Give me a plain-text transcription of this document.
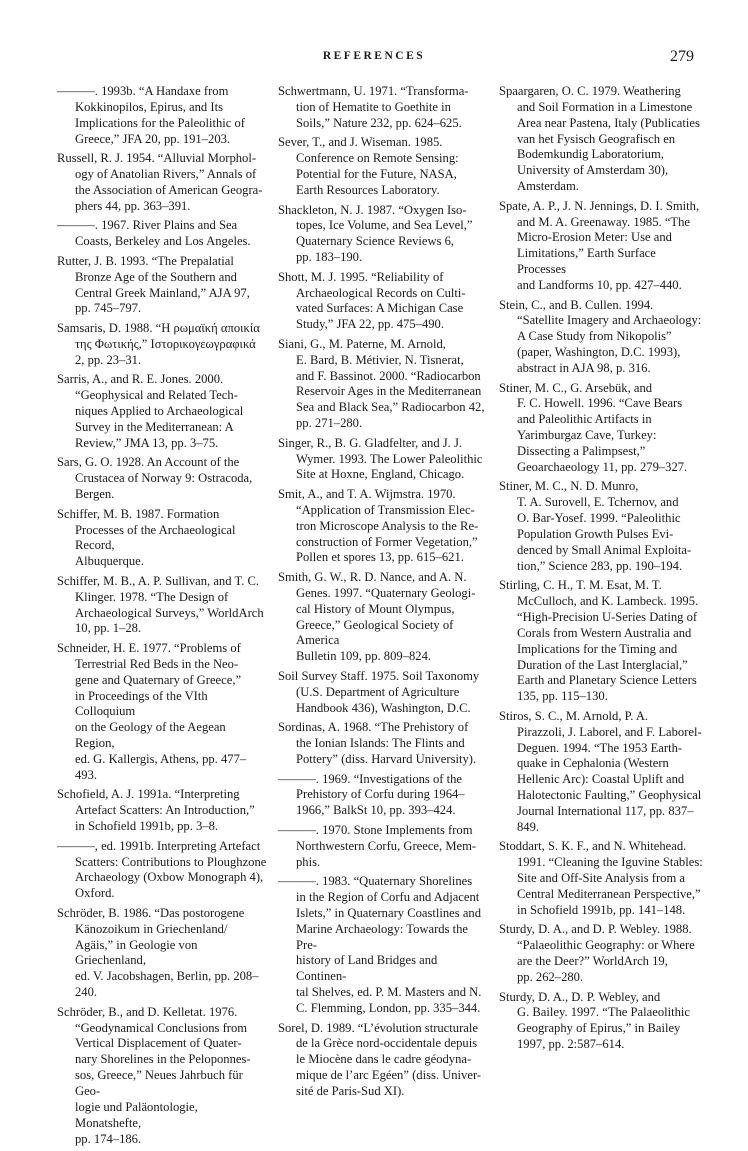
REFERENCES	279
———. 1993b. “A Handaxe from
Kokkinopilos, Epirus, and Its
Implications for the Paleolithic of
Greece,” JFA 20, pp. 191–203.
Russell, R. J. 1954. “Alluvial Morphol-
ogy of Anatolian Rivers,” Annals of
the Association of American Geogra-
phers 44, pp. 363–391.
———. 1967. River Plains and Sea
Coasts, Berkeley and Los Angeles.
Rutter, J. B. 1993. “The Prepalatial
Bronze Age of the Southern and
Central Greek Mainland,” AJA 97,
pp. 745–797.
Samsaris, D. 1988. “Η ρωμαϊκή αποικία
της Φωτικής,” Ιστορικογεωγραφικά
2, pp. 23–31.
Sarris, A., and R. E. Jones. 2000.
“Geophysical and Related Tech-
niques Applied to Archaeological
Survey in the Mediterranean: A
Review,” JMA 13, pp. 3–75.
Sars, G. O. 1928. An Account of the
Crustacea of Norway 9: Ostracoda,
Bergen.
Schiffer, M. B. 1987. Formation
Processes of the Archaeological Record,
Albuquerque.
Schiffer, M. B., A. P. Sullivan, and T. C.
Klinger. 1978. “The Design of
Archaeological Surveys,” WorldArch
10, pp. 1–28.
Schneider, H. E. 1977. “Problems of
Terrestrial Red Beds in the Neo-
gene and Quaternary of Greece,”
in Proceedings of the VIth Colloquium
on the Geology of the Aegean Region,
ed. G. Kallergis, Athens, pp. 477–
493.
Schofield, A. J. 1991a. “Interpreting
Artefact Scatters: An Introduction,”
in Schofield 1991b, pp. 3–8.
———, ed. 1991b. Interpreting Artefact
Scatters: Contributions to Ploughzone
Archaeology (Oxbow Monograph 4),
Oxford.
Schröder, B. 1986. “Das postorogene
Känozoikum in Griechenland/
Agäis,” in Geologie von Griechenland,
ed. V. Jacobshagen, Berlin, pp. 208–
240.
Schröder, B., and D. Kelletat. 1976.
“Geodynamical Conclusions from
Vertical Displacement of Quater-
nary Shorelines in the Peloponnes-
sos, Greece,” Neues Jahrbuch für Geo-
logie und Paläontologie, Monatshefte,
pp. 174–186.
Schwertmann, U. 1971. “Transforma-
tion of Hematite to Goethite in
Soils,” Nature 232, pp. 624–625.
Sever, T., and J. Wiseman. 1985.
Conference on Remote Sensing:
Potential for the Future, NASA,
Earth Resources Laboratory.
Shackleton, N. J. 1987. “Oxygen Iso-
topes, Ice Volume, and Sea Level,”
Quaternary Science Reviews 6,
pp. 183–190.
Shott, M. J. 1995. “Reliability of
Archaeological Records on Culti-
vated Surfaces: A Michigan Case
Study,” JFA 22, pp. 475–490.
Siani, G., M. Paterne, M. Arnold,
E. Bard, B. Métivier, N. Tisnerat,
and F. Bassinot. 2000. “Radiocarbon
Reservoir Ages in the Mediterranean
Sea and Black Sea,” Radiocarbon 42,
pp. 271–280.
Singer, R., B. G. Gladfelter, and J. J.
Wymer. 1993. The Lower Paleolithic
Site at Hoxne, England, Chicago.
Smit, A., and T. A. Wijmstra. 1970.
“Application of Transmission Elec-
tron Microscope Analysis to the Re-
construction of Former Vegetation,”
Pollen et spores 13, pp. 615–621.
Smith, G. W., R. D. Nance, and A. N.
Genes. 1997. “Quaternary Geologi-
cal History of Mount Olympus,
Greece,” Geological Society of America
Bulletin 109, pp. 809–824.
Soil Survey Staff. 1975. Soil Taxonomy
(U.S. Department of Agriculture
Handbook 436), Washington, D.C.
Sordinas, A. 1968. “The Prehistory of
the Ionian Islands: The Flints and
Pottery” (diss. Harvard University).
———. 1969. “Investigations of the
Prehistory of Corfu during 1964–
1966,” BalkSt 10, pp. 393–424.
———. 1970. Stone Implements from
Northwestern Corfu, Greece, Mem-
phis.
———. 1983. “Quaternary Shorelines
in the Region of Corfu and Adjacent
Islets,” in Quaternary Coastlines and
Marine Archaeology: Towards the Pre-
history of Land Bridges and Continen-
tal Shelves, ed. P. M. Masters and N.
C. Flemming, London, pp. 335–344.
Sorel, D. 1989. “L’évolution structurale
de la Grèce nord-occidentale depuis
le Miocène dans le cadre géodyna-
mique de l’arc Egéen” (diss. Univer-
sité de Paris-Sud XI).
Spaargaren, O. C. 1979. Weathering
and Soil Formation in a Limestone
Area near Pastena, Italy (Publicaties
van het Fysisch Geografisch en
Bodemkundig Laboratorium,
University of Amsterdam 30),
Amsterdam.
Spate, A. P., J. N. Jennings, D. I. Smith,
and M. A. Greenaway. 1985. “The
Micro-Erosion Meter: Use and
Limitations,” Earth Surface Processes
and Landforms 10, pp. 427–440.
Stein, C., and B. Cullen. 1994.
“Satellite Imagery and Archaeology:
A Case Study from Nikopolis”
(paper, Washington, D.C. 1993),
abstract in AJA 98, p. 316.
Stiner, M. C., G. Arsebük, and
F. C. Howell. 1996. “Cave Bears
and Paleolithic Artifacts in
Yarimburgaz Cave, Turkey:
Dissecting a Palimpsest,”
Geoarchaeology 11, pp. 279–327.
Stiner, M. C., N. D. Munro,
T. A. Surovell, E. Tchernov, and
O. Bar-Yosef. 1999. “Paleolithic
Population Growth Pulses Evi-
denced by Small Animal Exploita-
tion,” Science 283, pp. 190–194.
Stirling, C. H., T. M. Esat, M. T.
McCulloch, and K. Lambeck. 1995.
“High-Precision U-Series Dating of
Corals from Western Australia and
Implications for the Timing and
Duration of the Last Interglacial,”
Earth and Planetary Science Letters
135, pp. 115–130.
Stiros, S. C., M. Arnold, P. A.
Pirazzoli, J. Laborel, and F. Laborel-
Deguen. 1994. “The 1953 Earth-
quake in Cephalonia (Western
Hellenic Arc): Coastal Uplift and
Halotectonic Faulting,” Geophysical
Journal International 117, pp. 837–
849.
Stoddart, S. K. F., and N. Whitehead.
1991. “Cleaning the Iguvine Stables:
Site and Off-Site Analysis from a
Central Mediterranean Perspective,”
in Schofield 1991b, pp. 141–148.
Sturdy, D. A., and D. P. Webley. 1988.
“Palaeolithic Geography: or Where
are the Deer?” WorldArch 19,
pp. 262–280.
Sturdy, D. A., D. P. Webley, and
G. Bailey. 1997. “The Palaeolithic
Geography of Epirus,” in Bailey
1997, pp. 2:587–614.
